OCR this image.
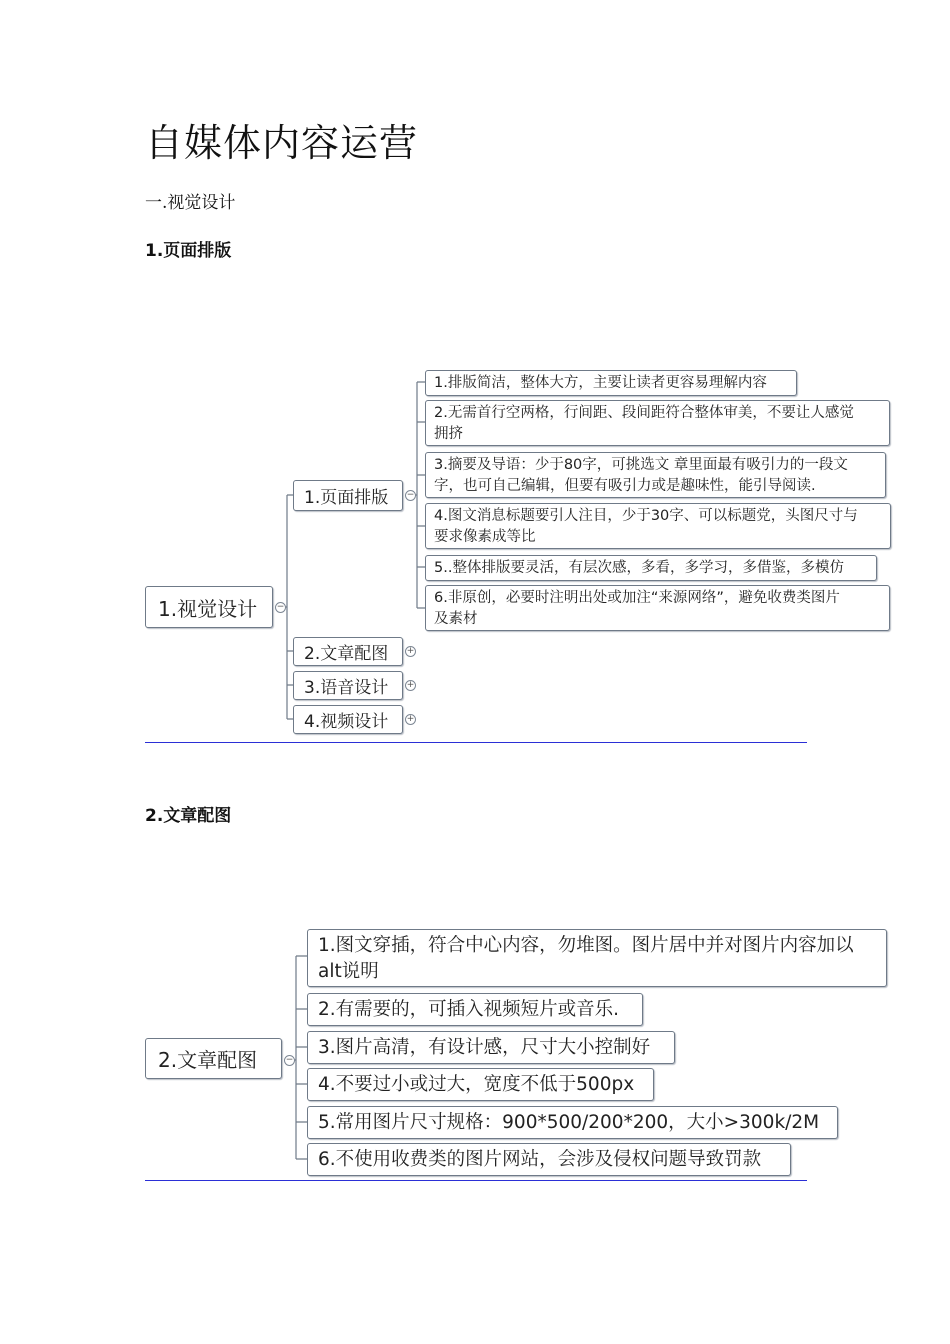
自媒体内容运营
一.视觉设计
1.页面排版
1.视觉设计	−
1.页面排版	−
2.文章配图	+
3.语音设计	+
4.视频设计	+
1.排版简洁，整体大方，主要让读者更容易理解内容
2.无需首行空两格，行间距、段间距符合整体审美，不要让人感觉
拥挤
3.摘要及导语：少于80字，可挑选文 章里面最有吸引力的一段文
字，也可自己编辑，但要有吸引力或是趣味性，能引导阅读.
4.图文消息标题要引人注目，少于30字、可以标题党，头图尺寸与
要求像素成等比
5..整体排版要灵活，有层次感，多看，多学习，多借鉴，多模仿
6.非原创，必要时注明出处或加注“来源网络”，避免收费类图片
及素材
2.文章配图
2.文章配图	−
1.图文穿插，符合中心内容，勿堆图。图片居中并对图片内容加以
alt说明
2.有需要的，可插入视频短片或音乐.
3.图片高清，有设计感，尺寸大小控制好
4.不要过小或过大，宽度不低于500px
5.常用图片尺寸规格：900*500/200*200，大小>300k/2M
6.不使用收费类的图片网站，会涉及侵权问题导致罚款
